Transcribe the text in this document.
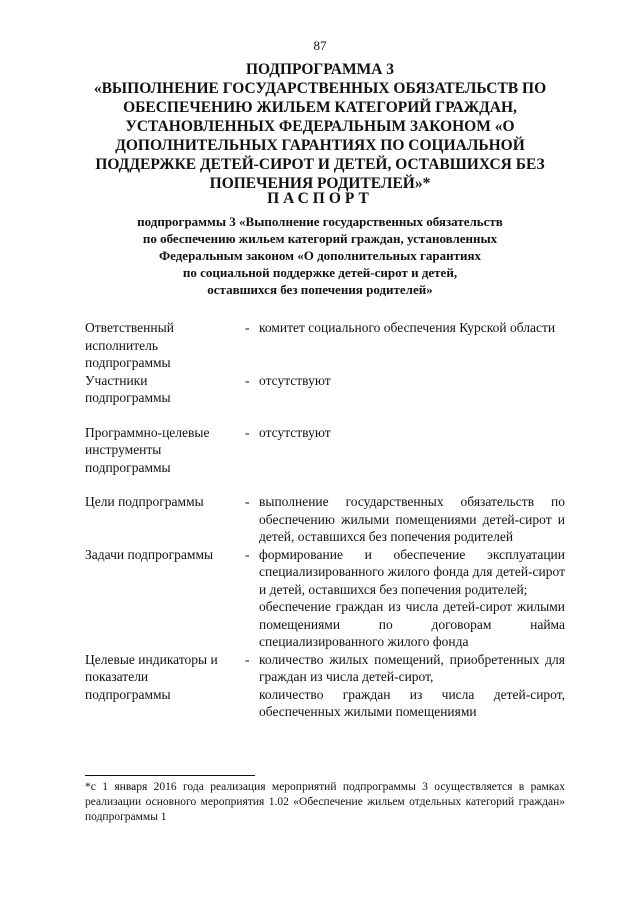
87
ПОДПРОГРАММА 3
«ВЫПОЛНЕНИЕ ГОСУДАРСТВЕННЫХ ОБЯЗАТЕЛЬСТВ ПО
ОБЕСПЕЧЕНИЮ ЖИЛЬЕМ КАТЕГОРИЙ ГРАЖДАН,
УСТАНОВЛЕННЫХ ФЕДЕРАЛЬНЫМ ЗАКОНОМ «О
ДОПОЛНИТЕЛЬНЫХ ГАРАНТИЯХ ПО СОЦИАЛЬНОЙ
ПОДДЕРЖКЕ ДЕТЕЙ-СИРОТ И ДЕТЕЙ, ОСТАВШИХСЯ БЕЗ
ПОПЕЧЕНИЯ РОДИТЕЛЕЙ»*
ПАСПОРТ
подпрограммы 3 «Выполнение государственных обязательств
по обеспечению жильем категорий граждан, установленных
Федеральным законом «О дополнительных гарантиях
по социальной поддержке детей-сирот и детей,
оставшихся без попечения родителей»
Ответственный
исполнитель
подпрограммы
- комитет социального обеспечения Курской области

Участники
подпрограммы
- отсутствуют

Программно-целевые
инструменты
подпрограммы
- отсутствуют

Цели подпрограммы	- выполнение государственных обязательств по обеспечению жилыми помещениями детей-сирот и детей, оставшихся без попечения родителей

Задачи подпрограммы	- формирование и обеспечение эксплуатации специализированного жилого фонда для детей-сирот и детей, оставшихся без попечения родителей;

обеспечение граждан из числа детей-сирот жилыми помещениями по договорам найма специализированного жилого фонда

Целевые индикаторы и
показатели
подпрограммы
- количество жилых помещений, приобретенных для граждан из числа детей-сирот,

количество граждан из числа детей-сирот, обеспеченных жилыми помещениями

*с 1 января 2016 года реализация мероприятий подпрограммы 3 осуществляется в рамках реализации основного мероприятия 1.02 «Обеспечение жильем отдельных категорий граждан» подпрограммы 1
